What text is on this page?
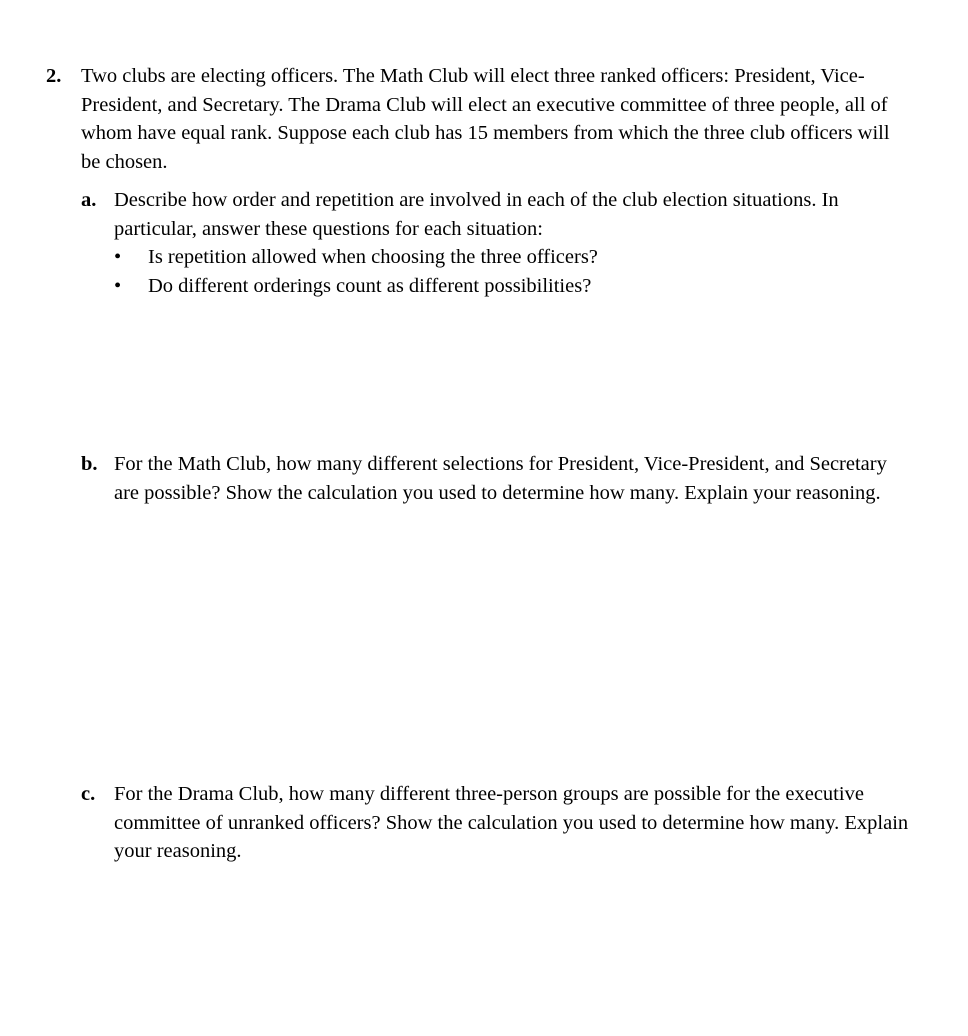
2. Two clubs are electing officers. The Math Club will elect three ranked officers: President, Vice-President, and Secretary. The Drama Club will elect an executive committee of three people, all of whom have equal rank. Suppose each club has 15 members from which the three club officers will be chosen.
a. Describe how order and repetition are involved in each of the club election situations. In particular, answer these questions for each situation:
• Is repetition allowed when choosing the three officers?
• Do different orderings count as different possibilities?
b. For the Math Club, how many different selections for President, Vice-President, and Secretary are possible? Show the calculation you used to determine how many. Explain your reasoning.
c. For the Drama Club, how many different three-person groups are possible for the executive committee of unranked officers? Show the calculation you used to determine how many. Explain your reasoning.
